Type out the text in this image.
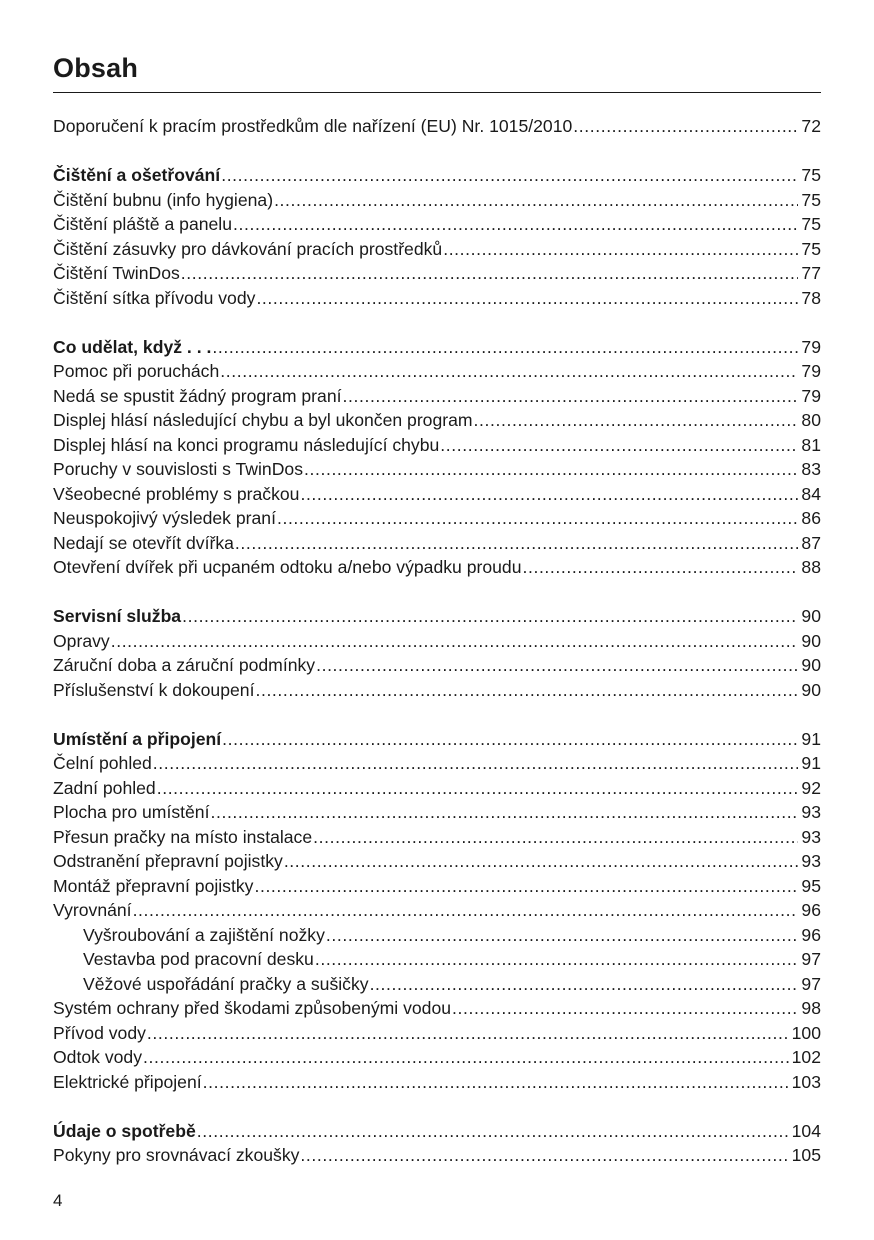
Obsah
Doporučení k pracím prostředkům dle nařízení (EU) Nr. 1015/2010 .....	72
Čištění a ošetřování .....	75
Čištění bubnu (info hygiena) .....	75
Čištění pláště a panelu .....	75
Čištění zásuvky pro dávkování pracích prostředků .....	75
Čištění TwinDos .....	77
Čištění sítka přívodu vody .....	78
Co udělat, když . . . .....	79
Pomoc při poruchách .....	79
Nedá se spustit žádný program praní .....	79
Displej hlásí následující chybu a byl ukončen program .....	80
Displej hlásí na konci programu následující chybu .....	81
Poruchy v souvislosti s TwinDos .....	83
Všeobecné problémy s pračkou .....	84
Neuspokojivý výsledek praní .....	86
Nedají se otevřít dvířka .....	87
Otevření dvířek při ucpaném odtoku a/nebo výpadku proudu .....	88
Servisní služba .....	90
Opravy .....	90
Záruční doba a záruční podmínky .....	90
Příslušenství k dokoupení .....	90
Umístění a připojení .....	91
Čelní pohled .....	91
Zadní pohled .....	92
Plocha pro umístění .....	93
Přesun pračky na místo instalace .....	93
Odstranění přepravní pojistky .....	93
Montáž přepravní pojistky .....	95
Vyrovnání .....	96
Vyšroubování a zajištění nožky .....	96
Vestavba pod pracovní desku .....	97
Věžové uspořádání pračky a sušičky .....	97
Systém ochrany před škodami způsobenými vodou .....	98
Přívod vody .....	100
Odtok vody .....	102
Elektrické připojení .....	103
Údaje o spotřebě .....	104
Pokyny pro srovnávací zkoušky .....	105
4
